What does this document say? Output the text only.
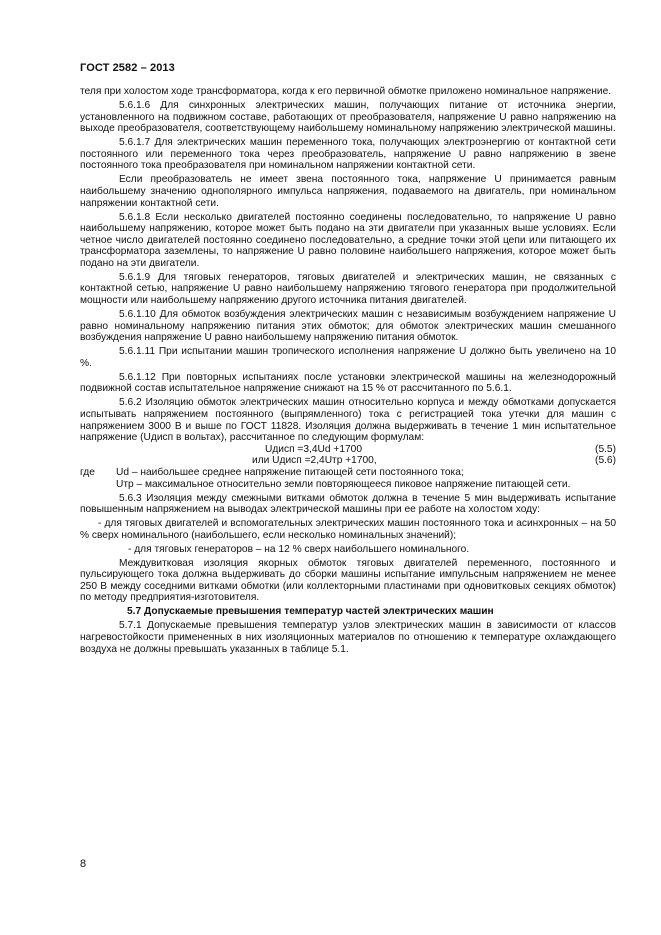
ГОСТ 2582 – 2013

теля при холостом ходе трансформатора, когда к его первичной обмотке приложено номинальное напряжение.

5.6.1.6 Для синхронных электрических машин, получающих питание от источника энергии, установленного на подвижном составе, работающих от преобразователя, напряжение U равно напряжению на выходе преобразователя, соответствующему наибольшему номинальному напряжению электрической машины.

5.6.1.7 Для электрических машин переменного тока, получающих электроэнергию от контактной сети постоянного или переменного тока через преобразователь, напряжение U равно напряжению в звене постоянного тока преобразователя при номинальном напряжении контактной сети.

Если преобразователь не имеет звена постоянного тока, напряжение U принимается равным наибольшему значению однополярного импульса напряжения, подаваемого на двигатель, при номинальном напряжении контактной сети.

5.6.1.8 Если несколько двигателей постоянно соединены последовательно, то напряжение U равно наибольшему напряжению, которое может быть подано на эти двигатели при указанных выше условиях. Если четное число двигателей постоянно соединено последовательно, а средние точки этой цепи или питающего их трансформатора заземлены, то напряжение U равно половине наибольшего напряжения, которое может быть подано на эти двигатели.

5.6.1.9 Для тяговых генераторов, тяговых двигателей и электрических машин, не связанных с контактной сетью, напряжение U равно наибольшему напряжению тягового генератора при продолжительной мощности или наибольшему напряжению другого источника питания двигателей.

5.6.1.10 Для обмоток возбуждения электрических машин с независимым возбуждением напряжение U равно номинальному напряжению питания этих обмоток; для обмоток электрических машин смешанного возбуждения напряжение U равно наибольшему напряжению питания обмоток.

5.6.1.11 При испытании машин тропического исполнения напряжение U должно быть увеличено на 10 %.

5.6.1.12 При повторных испытаниях после установки электрической машины на железнодорожный подвижной состав испытательное напряжение снижают на 15 % от рассчитанного по 5.6.1.

5.6.2 Изоляцию обмоток электрических машин относительно корпуса и между обмотками допускается испытывать напряжением постоянного (выпрямленного) тока с регистрацией тока утечки для машин с напряжением 3000 В и выше по ГОСТ 11828. Изоляция должна выдерживать в течение 1 мин испытательное напряжение (Uдисп в вольтах), рассчитанное по следующим формулам:

Uдисп =3,4Ud +1700	(5.5)
или Uдисп =2,4Uтр +1700,	(5.6)
где	Ud – наибольшее среднее напряжение питающей сети постоянного тока;
Uтр – максимальное относительно земли повторяющееся пиковое напряжение питающей сети.

5.6.3 Изоляция между смежными витками обмоток должна в течение 5 мин выдерживать испытание повышенным напряжением на выводах электрической машины при ее работе на холостом ходу:

- для тяговых двигателей и вспомогательных электрических машин постоянного тока и асинхронных – на 50 % сверх номинального (наибольшего, если несколько номинальных значений);

- для тяговых генераторов – на 12 % сверх наибольшего номинального.

Междувитковая изоляция якорных обмоток тяговых двигателей переменного, постоянного и пульсирующего тока должна выдерживать до сборки машины испытание импульсным напряжением не менее 250 В между соседними витками обмотки (или коллекторными пластинами при одновитковых секциях обмоток) по методу предприятия-изготовителя.

5.7 Допускаемые превышения температур частей электрических машин

5.7.1 Допускаемые превышения температур узлов электрических машин в зависимости от классов нагревостойкости примененных в них изоляционных материалов по отношению к температуре охлаждающего воздуха не должны превышать указанных в таблице 5.1.

8
